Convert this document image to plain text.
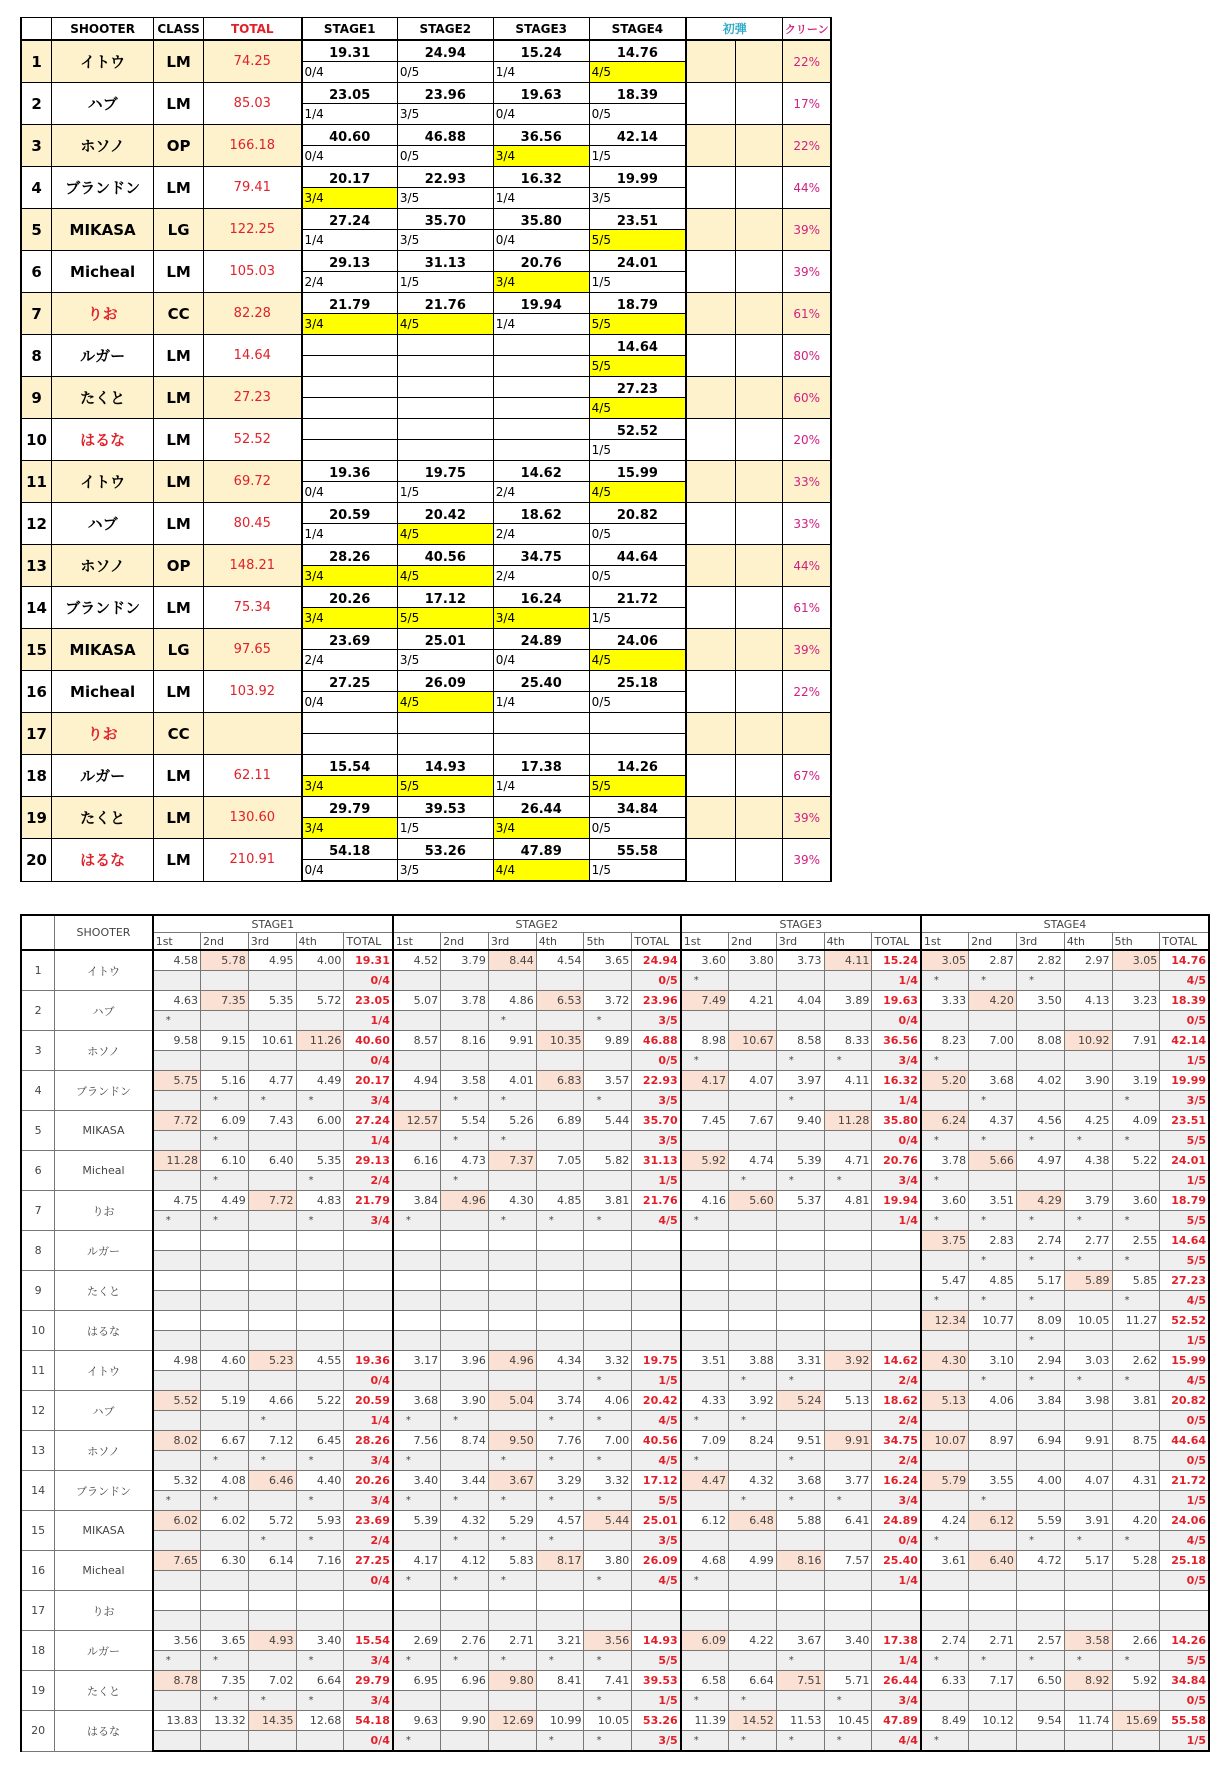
	SHOOTER	CLASS	TOTAL	STAGE1	STAGE2	STAGE3	STAGE4	初弾		クリーン
1	イトウ	LM	74.25	19.31	24.94	15.24	14.76			22%
				0/4	0/5	1/4	4/5			
2	ハブ	LM	85.03	23.05	23.96	19.63	18.39			17%
				1/4	3/5	0/4	0/5			
3	ホソノ	OP	166.18	40.60	46.88	36.56	42.14			22%
				0/4	0/5	3/4	1/5			
4	ブランドン	LM	79.41	20.17	22.93	16.32	19.99			44%
				3/4	3/5	1/4	3/5			
5	MIKASA	LG	122.25	27.24	35.70	35.80	23.51			39%
				1/4	3/5	0/4	5/5			
6	Micheal	LM	105.03	29.13	31.13	20.76	24.01			39%
				2/4	1/5	3/4	1/5			
7	りお	CC	82.28	21.79	21.76	19.94	18.79			61%
				3/4	4/5	1/4	5/5			
8	ルガー	LM	14.64				14.64			80%
							5/5			
9	たくと	LM	27.23				27.23			60%
							4/5			
10	はるな	LM	52.52				52.52			20%
							1/5			
11	イトウ	LM	69.72	19.36	19.75	14.62	15.99			33%
				0/4	1/5	2/4	4/5			
12	ハブ	LM	80.45	20.59	20.42	18.62	20.82			33%
				1/4	4/5	2/4	0/5			
13	ホソノ	OP	148.21	28.26	40.56	34.75	44.64			44%
				3/4	4/5	2/4	0/5			
14	ブランドン	LM	75.34	20.26	17.12	16.24	21.72			61%
				3/4	5/5	3/4	1/5			
15	MIKASA	LG	97.65	23.69	25.01	24.89	24.06			39%
				2/4	3/5	0/4	4/5			
16	Micheal	LM	103.92	27.25	26.09	25.40	25.18			22%
				0/4	4/5	1/4	0/5			
17	りお	CC								

18	ルガー	LM	62.11	15.54	14.93	17.38	14.26			67%
				3/4	5/5	1/4	5/5			
19	たくと	LM	130.60	29.79	39.53	26.44	34.84			39%
				3/4	1/5	3/4	0/5			
20	はるな	LM	210.91	54.18	53.26	47.89	55.58			39%
				0/4	3/5	4/4	1/5			
	SHOOTER	STAGE1					STAGE2						STAGE3					STAGE4					
		1st	2nd	3rd	4th	TOTAL	1st	2nd	3rd	4th	5th	TOTAL	1st	2nd	3rd	4th	TOTAL	1st	2nd	3rd	4th	5th	TOTAL
1	イトウ	4.58	5.78	4.95	4.00	19.31	4.52	3.79	8.44	4.54	3.65	24.94	3.60	3.80	3.73	4.11	15.24	3.05	2.87	2.82	2.97	3.05	14.76
						0/4						0/5	*				1/4	*	*	*			4/5
2	ハブ	4.63	7.35	5.35	5.72	23.05	5.07	3.78	4.86	6.53	3.72	23.96	7.49	4.21	4.04	3.89	19.63	3.33	4.20	3.50	4.13	3.23	18.39
		*				1/4			*		*	3/5					0/4						0/5
3	ホソノ	9.58	9.15	10.61	11.26	40.60	8.57	8.16	9.91	10.35	9.89	46.88	8.98	10.67	8.58	8.33	36.56	8.23	7.00	8.08	10.92	7.91	42.14
						0/4						0/5	*		*	*	3/4	*					1/5
4	ブランドン	5.75	5.16	4.77	4.49	20.17	4.94	3.58	4.01	6.83	3.57	22.93	4.17	4.07	3.97	4.11	16.32	5.20	3.68	4.02	3.90	3.19	19.99
			*	*	*	3/4		*	*		*	3/5			*		1/4		*			*	3/5
5	MIKASA	7.72	6.09	7.43	6.00	27.24	12.57	5.54	5.26	6.89	5.44	35.70	7.45	7.67	9.40	11.28	35.80	6.24	4.37	4.56	4.25	4.09	23.51
			*			1/4		*	*			3/5					0/4	*	*	*	*	*	5/5
6	Micheal	11.28	6.10	6.40	5.35	29.13	6.16	4.73	7.37	7.05	5.82	31.13	5.92	4.74	5.39	4.71	20.76	3.78	5.66	4.97	4.38	5.22	24.01
			*		*	2/4		*				1/5		*	*	*	3/4	*					1/5
7	りお	4.75	4.49	7.72	4.83	21.79	3.84	4.96	4.30	4.85	3.81	21.76	4.16	5.60	5.37	4.81	19.94	3.60	3.51	4.29	3.79	3.60	18.79
		*	*		*	3/4	*		*	*	*	4/5	*				1/4	*	*	*	*	*	5/5
8	ルガー																	3.75	2.83	2.74	2.77	2.55	14.64
																			*	*	*	*	5/5
9	たくと																	5.47	4.85	5.17	5.89	5.85	27.23
																		*	*	*		*	4/5
10	はるな																	12.34	10.77	8.09	10.05	11.27	52.52
																				*			1/5
11	イトウ	4.98	4.60	5.23	4.55	19.36	3.17	3.96	4.96	4.34	3.32	19.75	3.51	3.88	3.31	3.92	14.62	4.30	3.10	2.94	3.03	2.62	15.99
						0/4					*	1/5		*	*		2/4		*	*	*	*	4/5
12	ハブ	5.52	5.19	4.66	5.22	20.59	3.68	3.90	5.04	3.74	4.06	20.42	4.33	3.92	5.24	5.13	18.62	5.13	4.06	3.84	3.98	3.81	20.82
				*		1/4	*	*		*	*	4/5	*	*			2/4						0/5
13	ホソノ	8.02	6.67	7.12	6.45	28.26	7.56	8.74	9.50	7.76	7.00	40.56	7.09	8.24	9.51	9.91	34.75	10.07	8.97	6.94	9.91	8.75	44.64
			*	*	*	3/4	*		*	*	*	4/5	*		*		2/4						0/5
14	ブランドン	5.32	4.08	6.46	4.40	20.26	3.40	3.44	3.67	3.29	3.32	17.12	4.47	4.32	3.68	3.77	16.24	5.79	3.55	4.00	4.07	4.31	21.72
		*	*		*	3/4	*	*	*	*	*	5/5		*	*	*	3/4		*				1/5
15	MIKASA	6.02	6.02	5.72	5.93	23.69	5.39	4.32	5.29	4.57	5.44	25.01	6.12	6.48	5.88	6.41	24.89	4.24	6.12	5.59	3.91	4.20	24.06
				*	*	2/4		*	*	*		3/5					0/4	*		*	*	*	4/5
16	Micheal	7.65	6.30	6.14	7.16	27.25	4.17	4.12	5.83	8.17	3.80	26.09	4.68	4.99	8.16	7.57	25.40	3.61	6.40	4.72	5.17	5.28	25.18
						0/4	*	*	*		*	4/5	*				1/4						0/5
17	りお																						

18	ルガー	3.56	3.65	4.93	3.40	15.54	2.69	2.76	2.71	3.21	3.56	14.93	6.09	4.22	3.67	3.40	17.38	2.74	2.71	2.57	3.58	2.66	14.26
		*	*		*	3/4	*	*	*	*	*	5/5			*		1/4	*	*	*	*	*	5/5
19	たくと	8.78	7.35	7.02	6.64	29.79	6.95	6.96	9.80	8.41	7.41	39.53	6.58	6.64	7.51	5.71	26.44	6.33	7.17	6.50	8.92	5.92	34.84
			*	*	*	3/4					*	1/5	*	*		*	3/4						0/5
20	はるな	13.83	13.32	14.35	12.68	54.18	9.63	9.90	12.69	10.99	10.05	53.26	11.39	14.52	11.53	10.45	47.89	8.49	10.12	9.54	11.74	15.69	55.58
						0/4	*			*	*	3/5	*	*	*	*	4/4	*					1/5
